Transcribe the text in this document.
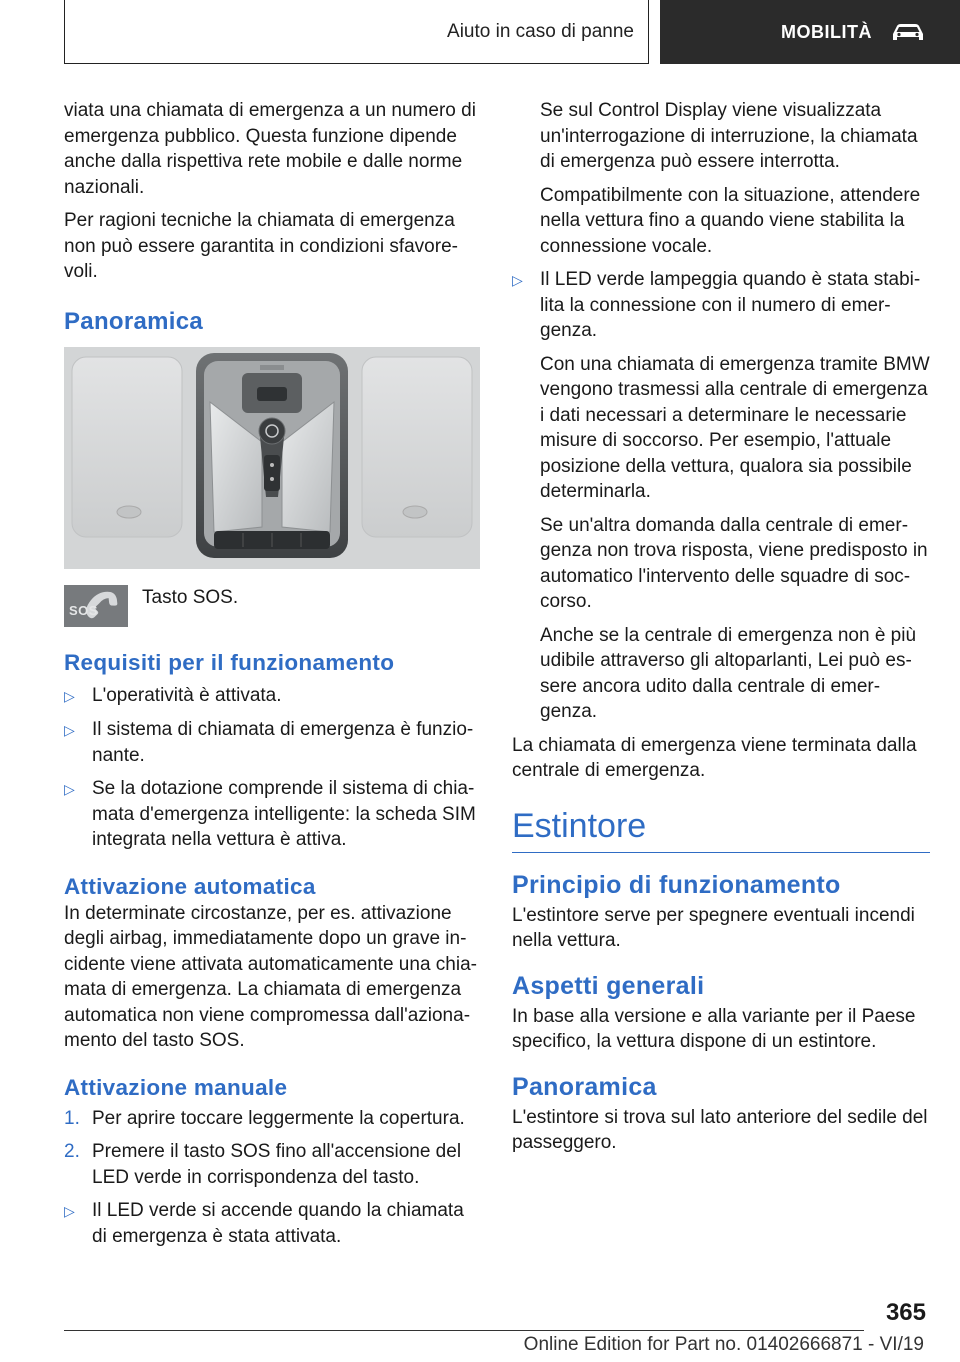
Aiuto in caso di panne	MOBILITÀ

viata una chiamata di emergenza a un numero di emergenza pubblico. Questa funzione dipende anche dalla rispettiva rete mobile e dalle norme nazionali.

Per ragioni tecniche la chiamata di emergenza non può essere garantita in condizioni sfavorevoli.

Panoramica
SOS
Tasto SOS.
Requisiti per il funzionamento
▷ L'operatività è attivata.
▷ Il sistema di chiamata di emergenza è funzionante.
▷ Se la dotazione comprende il sistema di chiamata d'emergenza intelligente: la scheda SIM integrata nella vettura è attiva.
Attivazione automatica

In determinate circostanze, per es. attivazione degli airbag, immediatamente dopo un grave incidente viene attivata automaticamente una chiamata di emergenza. La chiamata di emergenza automatica non viene compromessa dall'azionamento del tasto SOS.

Attivazione manuale
1. Per aprire toccare leggermente la copertura.
2. Premere il tasto SOS fino all'accensione del LED verde in corrispondenza del tasto.
▷ Il LED verde si accende quando la chiamata di emergenza è stata attivata.

Se sul Control Display viene visualizzata un'interrogazione di interruzione, la chiamata di emergenza può essere interrotta.

Compatibilmente con la situazione, attendere nella vettura fino a quando viene stabilita la connessione vocale.

▷ Il LED verde lampeggia quando è stata stabilita la connessione con il numero di emergenza.

Con una chiamata di emergenza tramite BMW vengono trasmessi alla centrale di emergenza i dati necessari a determinare le necessarie misure di soccorso. Per esempio, l'attuale posizione della vettura, qualora sia possibile determinarla.

Se un'altra domanda dalla centrale di emergenza non trova risposta, viene predisposto in automatico l'intervento delle squadre di soccorso.

Anche se la centrale di emergenza non è più udibile attraverso gli altoparlanti, Lei può essere ancora udito dalla centrale di emergenza.

La chiamata di emergenza viene terminata dalla centrale di emergenza.

Estintore
Principio di funzionamento

L'estintore serve per spegnere eventuali incendi nella vettura.

Aspetti generali

In base alla versione e alla variante per il Paese specifico, la vettura dispone di un estintore.

Panoramica

L'estintore si trova sul lato anteriore del sedile del passeggero.

365
Online Edition for Part no. 01402666871 - VI/19
